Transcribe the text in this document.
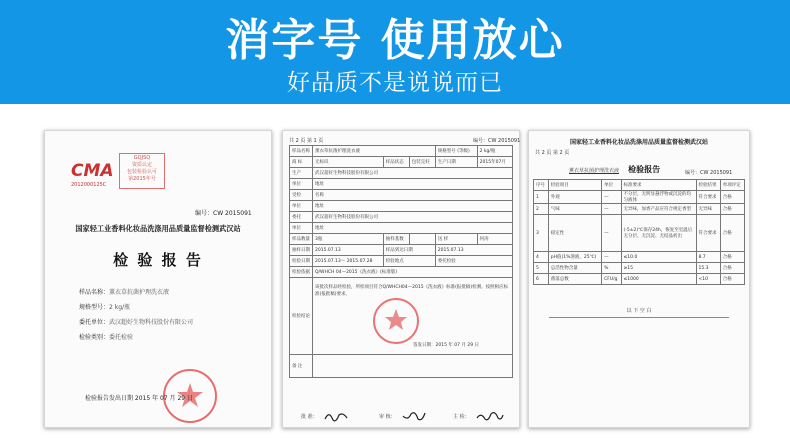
消字号 使用放心
好品质不是说说而已
CMA
2012000125C
GQJSQ
资质认定
包装检验认可
第2015年号
编号：CW 2015091
国家轻工业香料化妆品洗涤用品质量监督检测武汉站
检 验 报 告
样品名称：薰衣草抗菌护理洗衣液
规格型号：2 kg/瓶
委托单位：武汉超好生物科技股份有限公司
检验类别：委托检验
检验报告发出日期 2015 年 07 月 29 日
共 2 页 第 1 页	编号：CW 2015091
样品名称	薰衣草抗菌护理洗衣液			规格型号 (等级)	2 kg/瓶
商 标	无标识	样品状态	包装完好	生产日期	2015年07月
生产	武汉超好生物科技股份有限公司				
单位	地址				
受检	名称				
单位	地址				
委托	武汉超好生物科技股份有限公司				
单位	地址				
样品数量	3瓶	抽样基数		送 样	何涛
抽样日期	2015.07.13	样品到达日期		2015.07.13	
检验日期	2015.07.13～ 2015.07.28	检验地点		委托检验	
检验依据	Q/WHCH 04—2015《洗衣液》(标准版)				
检验结论	该批次样品经检验，所检项目符合Q/WHCH04—2015《洗衣液》标准(报批稿)检测。按照相应标准(报批稿)要求。
签发日期：2015 年 07 月 29 日				

备 注					
批 准：	审 核：	主 检：
国家轻工业香料化妆品洗涤用品质量监督检测武汉站
共 2 页 第 2 页
薰衣草抗菌护理洗衣液 检验报告	编号：CW 2015091
序号	检验项目	单位	标准要求	检验结果	单项评定
1	外观	—	不分层，无明显悬浮物或沉淀的均匀液体	符合要求	合格
2	气味	—	无异味，加香产品应符合规定香型	无异味	合格
3	稳定性	—	(-5±2)℃保存24h，恢复至室温后无分层、无沉淀、无结晶析出	符合要求	合格
4	pH值(1%溶液，25℃)	—	≤10.0	8.7	合格
5	总活性物含量	%	≥15	15.3	合格
6	菌落总数	CFU/g	≤1000	<10	合格
以 下 空 白
